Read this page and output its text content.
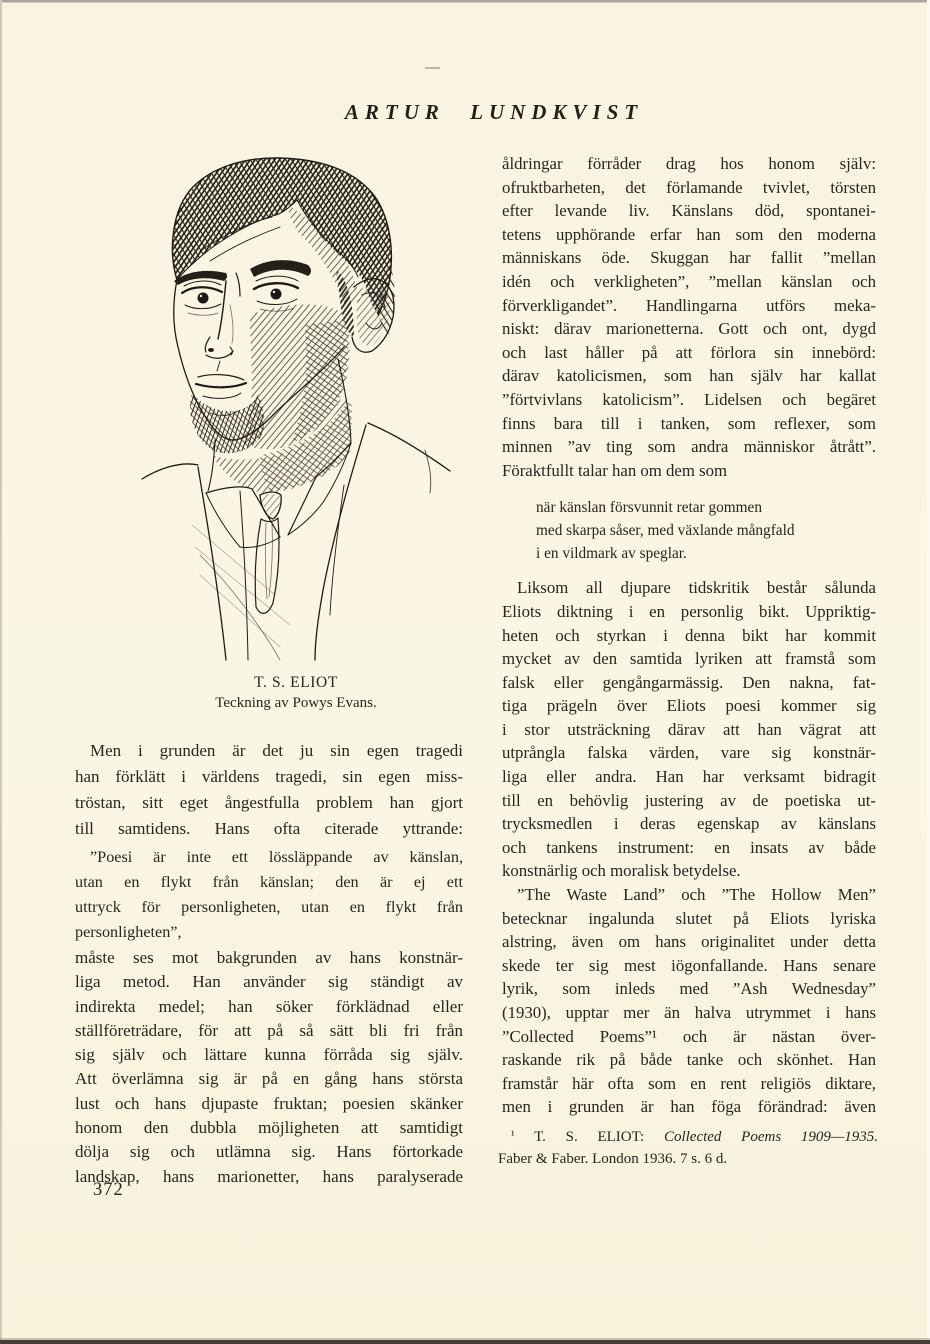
ARTUR LUNDKVIST
T. S. ELIOT
Teckning av Powys Evans.
Men i grunden är det ju sin egen tragedi
han förklätt i världens tragedi, sin egen miss-
tröstan, sitt eget ångestfulla problem han gjort
till samtidens. Hans ofta citerade yttrande:
”Poesi är inte ett lössläppande av känslan,
utan en flykt från känslan; den är ej ett
uttryck för personligheten, utan en flykt från
personligheten”,
måste ses mot bakgrunden av hans konstnär-
liga metod. Han använder sig ständigt av
indirekta medel; han söker förklädnad eller
ställföreträdare, för att på så sätt bli fri från
sig själv och lättare kunna förråda sig själv.
Att överlämna sig är på en gång hans största
lust och hans djupaste fruktan; poesien skänker
honom den dubbla möjligheten att samtidigt
dölja sig och utlämna sig. Hans förtorkade
landskap, hans marionetter, hans paralyserade
åldringar förråder drag hos honom själv:
ofruktbarheten, det förlamande tvivlet, törsten
efter levande liv. Känslans död, spontanei-
tetens upphörande erfar han som den moderna
människans öde. Skuggan har fallit ”mellan
idén och verkligheten”, ”mellan känslan och
förverkligandet”. Handlingarna utförs meka-
niskt: därav marionetterna. Gott och ont, dygd
och last håller på att förlora sin innebörd:
därav katolicismen, som han själv har kallat
”förtvivlans katolicism”. Lidelsen och begäret
finns bara till i tanken, som reflexer, som
minnen ”av ting som andra människor åtrått”.
Föraktfullt talar han om dem som
när känslan försvunnit retar gommen
med skarpa såser, med växlande mångfald
i en vildmark av speglar.
Liksom all djupare tidskritik består sålunda
Eliots diktning i en personlig bikt. Uppriktig-
heten och styrkan i denna bikt har kommit
mycket av den samtida lyriken att framstå som
falsk eller gengångarmässig. Den nakna, fat-
tiga prägeln över Eliots poesi kommer sig
i stor utsträckning därav att han vägrat att
utprångla falska värden, vare sig konstnär-
liga eller andra. Han har verksamt bidragit
till en behövlig justering av de poetiska ut-
trycksmedlen i deras egenskap av känslans
och tankens instrument: en insats av både
konstnärlig och moralisk betydelse.
”The Waste Land” och ”The Hollow Men”
betecknar ingalunda slutet på Eliots lyriska
alstring, även om hans originalitet under detta
skede ter sig mest iögonfallande. Hans senare
lyrik, som inleds med ”Ash Wednesday”
(1930), upptar mer än halva utrymmet i hans
”Collected Poems”¹ och är nästan över-
raskande rik på både tanke och skönhet. Han
framstår här ofta som en rent religiös diktare,
men i grunden är han föga förändrad: även
¹ T. S. ELIOT: Collected Poems 1909—1935.
Faber & Faber. London 1936. 7 s. 6 d.
372
